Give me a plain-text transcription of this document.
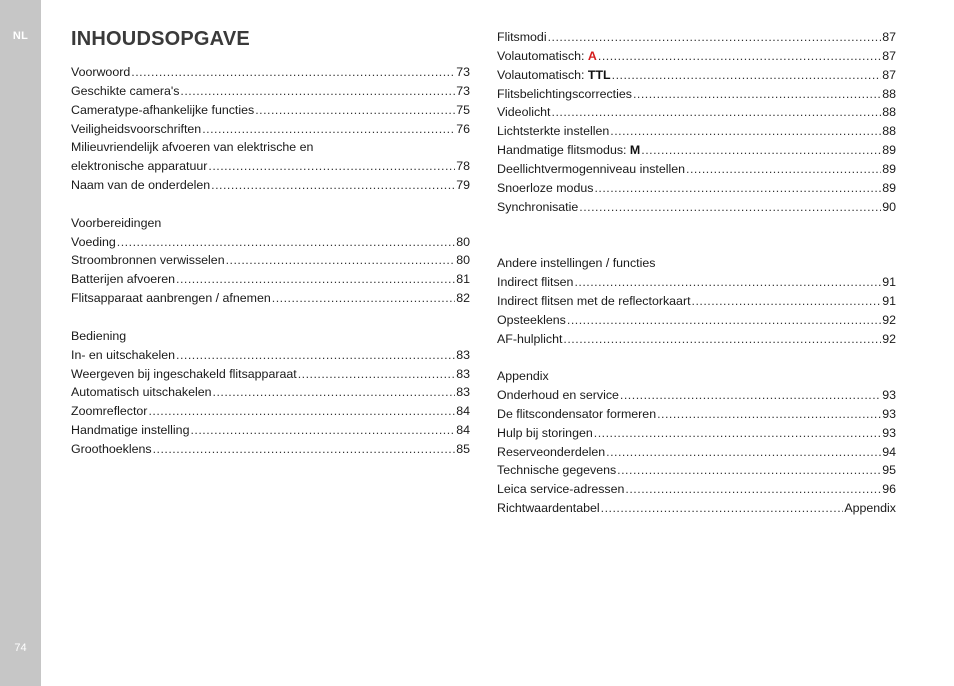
NL
74
INHOUDSOPGAVE
Voorwoord .....	73
Geschikte camera's .....	73
Cameratype-afhankelijke functies .....	75
Veiligheidsvoorschriften .....	76
Milieuvriendelijk afvoeren van elektrische en
elektronische apparatuur .....	78
Naam van de onderdelen .....	79
Voorbereidingen
Voeding .....	80
Stroombronnen verwisselen .....	80
Batterijen afvoeren .....	81
Flitsapparaat aanbrengen / afnemen .....	82
Bediening
In- en uitschakelen .....	83
Weergeven bij ingeschakeld flitsapparaat .....	83
Automatisch uitschakelen .....	83
Zoomreflector .....	84
Handmatige instelling .....	84
Groothoeklens .....	85
Flitsmodi .....	87
Volautomatisch: A .....	87
Volautomatisch: TTL .....	87
Flitsbelichtingscorrecties .....	88
Videolicht .....	88
Lichtsterkte instellen .....	88
Handmatige flitsmodus: M .....	89
Deellichtvermogenniveau instellen .....	89
Snoerloze modus .....	89
Synchronisatie .....	90
Andere instellingen / functies
Indirect flitsen .....	91
Indirect flitsen met de reflectorkaart .....	91
Opsteeklens .....	92
AF-hulplicht .....	92
Appendix
Onderhoud en service .....	93
De flitscondensator formeren .....	93
Hulp bij storingen .....	93
Reserveonderdelen .....	94
Technische gegevens .....	95
Leica service-adressen .....	96
Richtwaardentabel .....	Appendix
